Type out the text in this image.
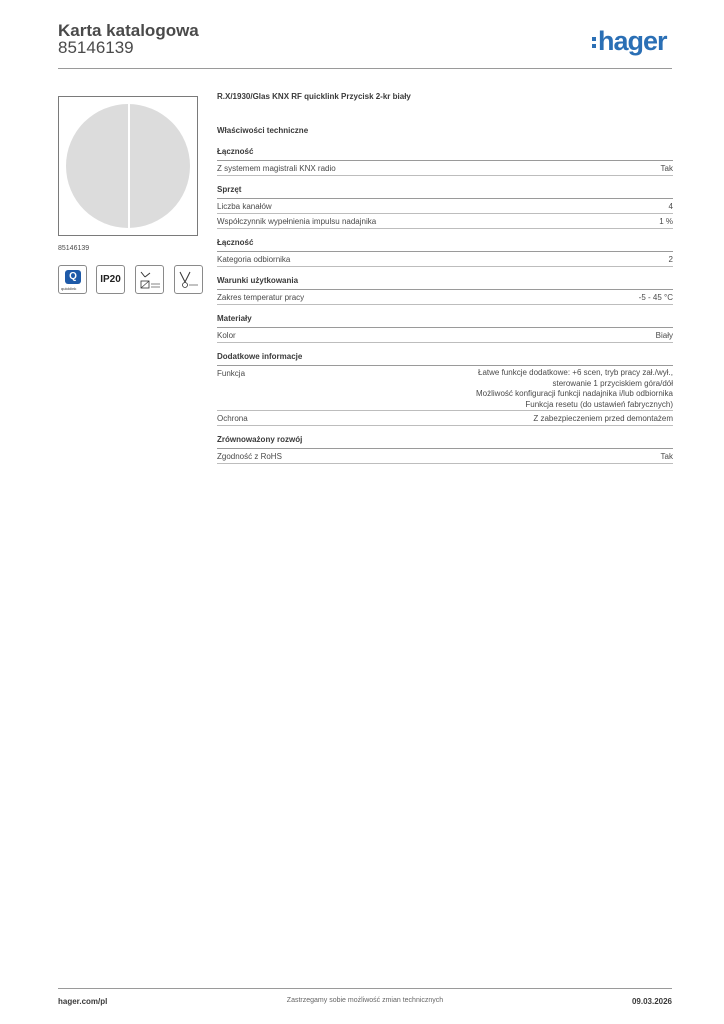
Karta katalogowa
85146139	hager
85146139
Q
quicklink
IP20
R.X/1930/Glas KNX RF quicklink Przycisk 2-kr biały
Właściwości techniczne
Łączność
Z systemem magistrali KNX radio	Tak
Sprzęt
Liczba kanałów	4
Współczynnik wypełnienia impulsu nadajnika	1 %
Łączność
Kategoria odbiornika	2
Warunki użytkowania
Zakres temperatur pracy	-5 - 45 °C
Materiały
Kolor	Biały
Dodatkowe informacje
Funkcja	Łatwe funkcje dodatkowe: +6 scen, tryb pracy zał./wył.,
sterowanie 1 przyciskiem góra/dół
Możliwość konfiguracji funkcji nadajnika i/lub odbiornika
Funkcja resetu (do ustawień fabrycznych)
Ochrona	Z zabezpieczeniem przed demontażem
Zrównoważony rozwój
Zgodność z RoHS	Tak
hager.com/pl	Zastrzegamy sobie możliwość zmian technicznych	09.03.2026
